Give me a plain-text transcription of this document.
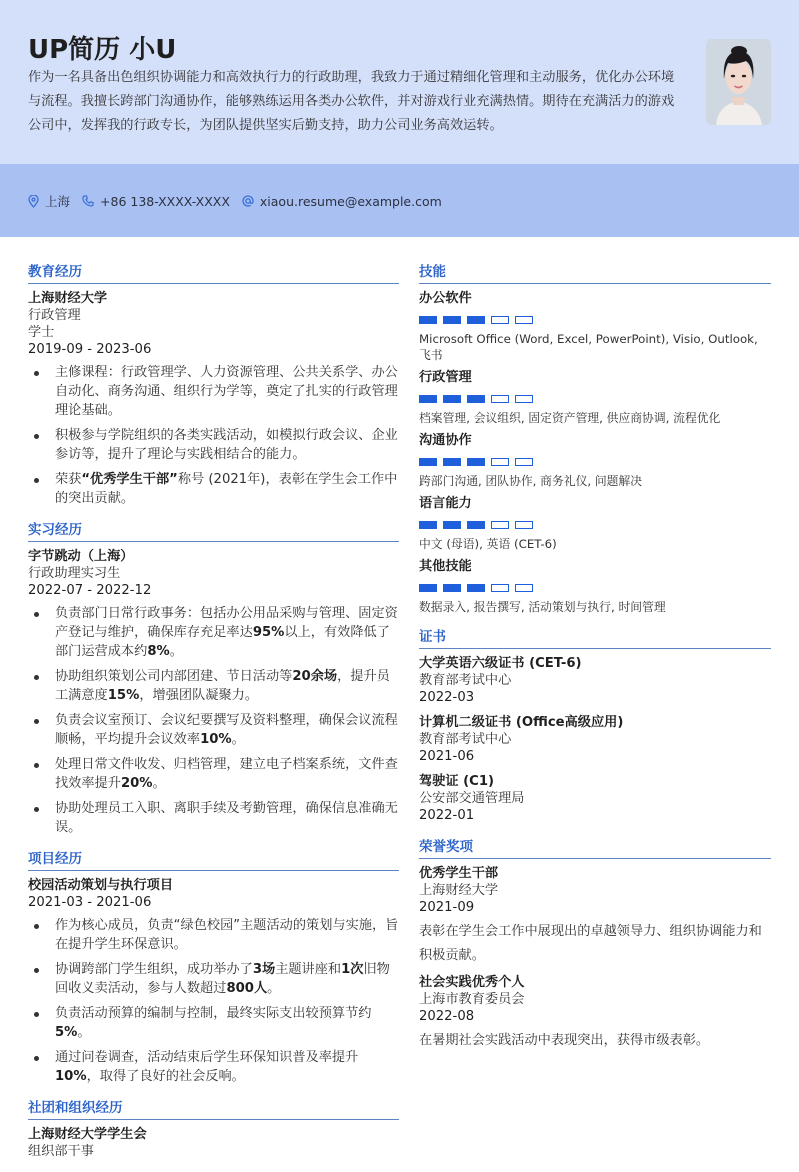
UP简历 小U

作为一名具备出色组织协调能力和高效执行力的行政助理，我致力于通过精细化管理和主动服务，优化办公环境与流程。我擅长跨部门沟通协作，能够熟练运用各类办公软件，并对游戏行业充满热情。期待在充满活力的游戏公司中，发挥我的行政专长，为团队提供坚实后勤支持，助力公司业务高效运转。

上海 +86 138-XXXX-XXXX xiaou.resume@example.com
教育经历
上海财经大学
行政管理
学士
2019-09 - 2023-06
主修课程：行政管理学、人力资源管理、公共关系学、办公自动化、商务沟通、组织行为学等，奠定了扎实的行政管理理论基础。
积极参与学院组织的各类实践活动，如模拟行政会议、企业参访等，提升了理论与实践相结合的能力。
荣获“优秀学生干部”称号 (2021年)，表彰在学生会工作中的突出贡献。
实习经历
字节跳动（上海）
行政助理实习生
2022-07 - 2022-12
负责部门日常行政事务：包括办公用品采购与管理、固定资产登记与维护，确保库存充足率达95%以上，有效降低了部门运营成本约8%。
协助组织策划公司内部团建、节日活动等20余场，提升员工满意度15%，增强团队凝聚力。
负责会议室预订、会议纪要撰写及资料整理，确保会议流程顺畅，平均提升会议效率10%。
处理日常文件收发、归档管理，建立电子档案系统，文件查找效率提升20%。
协助处理员工入职、离职手续及考勤管理，确保信息准确无误。
项目经历
校园活动策划与执行项目
2021-03 - 2021-06
作为核心成员，负责“绿色校园”主题活动的策划与实施，旨在提升学生环保意识。
协调跨部门学生组织，成功举办了3场主题讲座和1次旧物回收义卖活动，参与人数超过800人。
负责活动预算的编制与控制，最终实际支出较预算节约5%。
通过问卷调查，活动结束后学生环保知识普及率提升10%，取得了良好的社会反响。
社团和组织经历
上海财经大学学生会
组织部干事
技能
办公软件
Microsoft Office (Word, Excel, PowerPoint), Visio, Outlook, 飞书
行政管理
档案管理, 会议组织, 固定资产管理, 供应商协调, 流程优化
沟通协作
跨部门沟通, 团队协作, 商务礼仪, 问题解决
语言能力
中文 (母语), 英语 (CET-6)
其他技能
数据录入, 报告撰写, 活动策划与执行, 时间管理
证书
大学英语六级证书 (CET-6)
教育部考试中心
2022-03
计算机二级证书 (Office高级应用)
教育部考试中心
2021-06
驾驶证 (C1)
公安部交通管理局
2022-01
荣誉奖项
优秀学生干部
上海财经大学
2021-09
表彰在学生会工作中展现出的卓越领导力、组织协调能力和积极贡献。
社会实践优秀个人
上海市教育委员会
2022-08
在暑期社会实践活动中表现突出，获得市级表彰。
